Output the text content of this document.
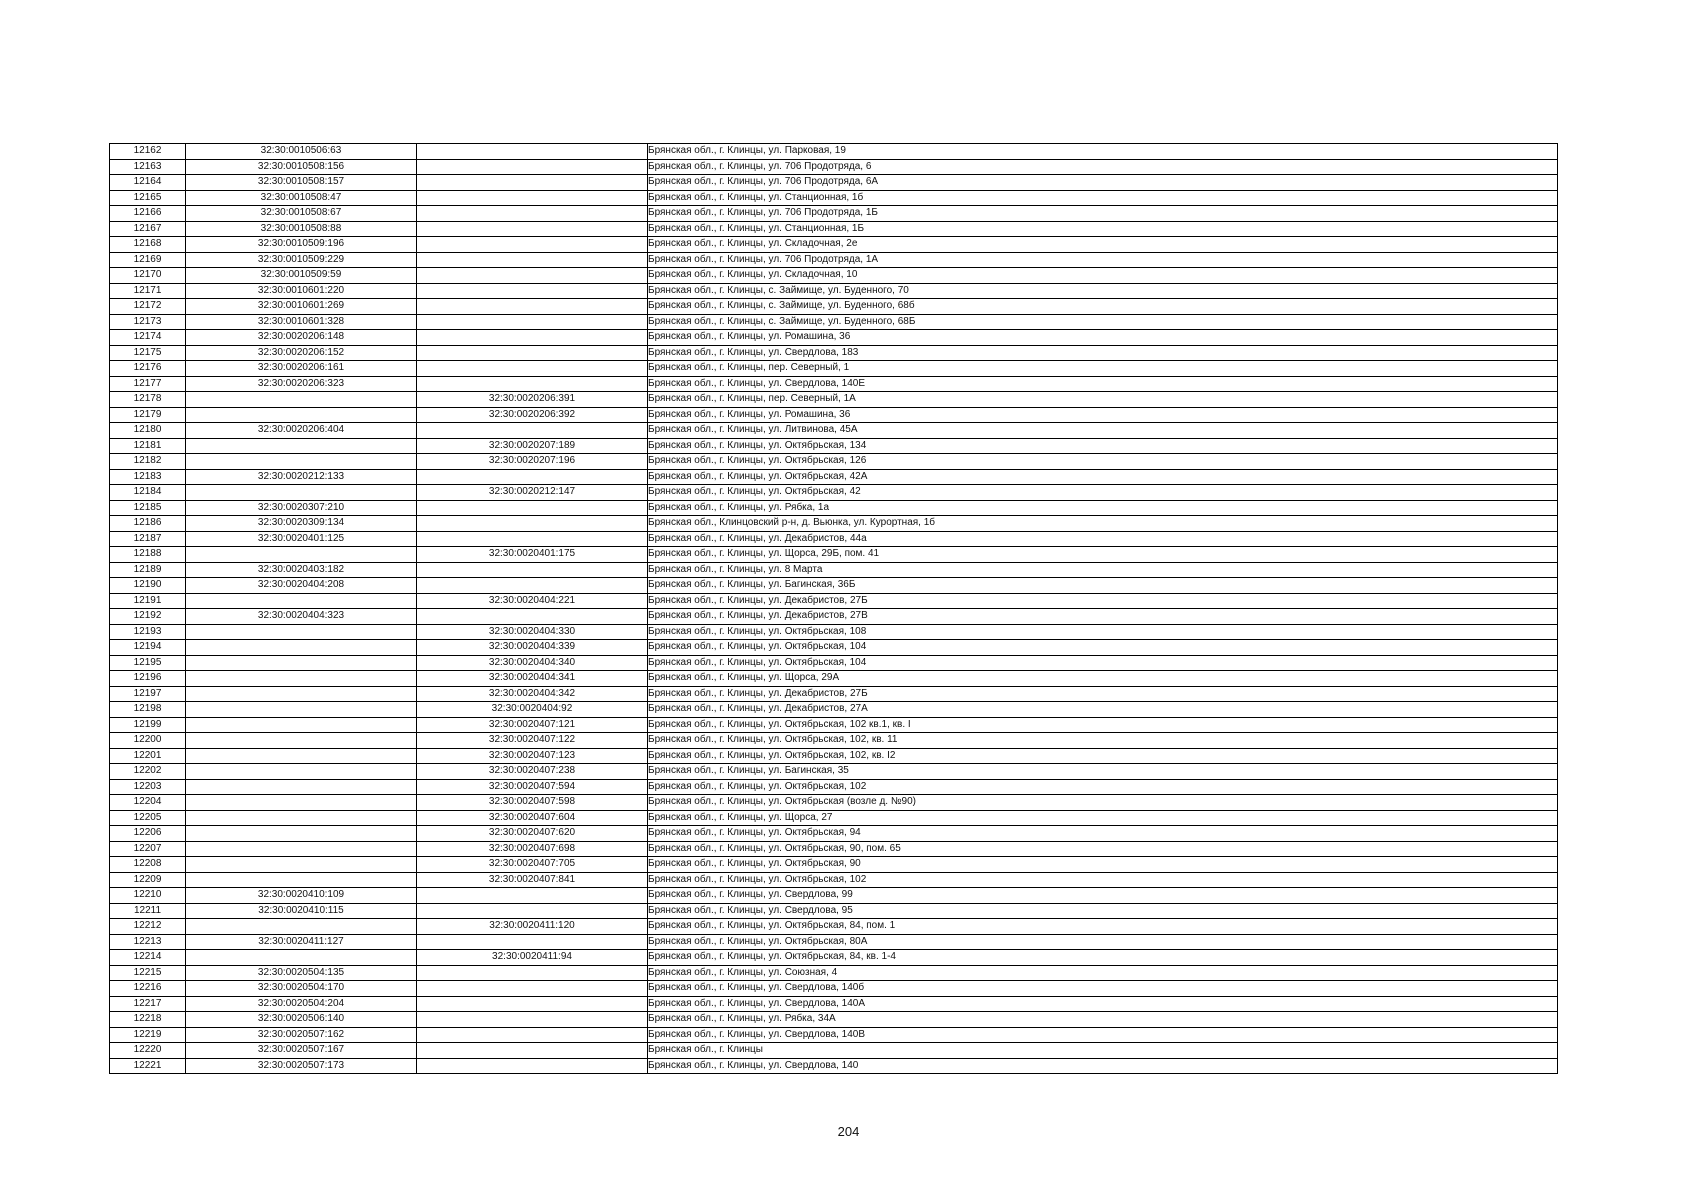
12162	32:30:0010506:63		Брянская обл., г. Клинцы, ул. Парковая, 19
12163	32:30:0010508:156		Брянская обл., г. Клинцы, ул. 706 Продотряда, 6
12164	32:30:0010508:157		Брянская обл., г. Клинцы, ул. 706 Продотряда, 6А
12165	32:30:0010508:47		Брянская обл., г. Клинцы, ул. Станционная, 1б
12166	32:30:0010508:67		Брянская обл., г. Клинцы, ул. 706 Продотряда, 1Б
12167	32:30:0010508:88		Брянская обл., г. Клинцы, ул. Станционная, 1Б
12168	32:30:0010509:196		Брянская обл., г. Клинцы, ул. Складочная, 2е
12169	32:30:0010509:229		Брянская обл., г. Клинцы, ул. 706 Продотряда, 1А
12170	32:30:0010509:59		Брянская обл., г. Клинцы, ул. Складочная, 10
12171	32:30:0010601:220		Брянская обл., г. Клинцы, с. Займище, ул. Буденного, 70
12172	32:30:0010601:269		Брянская обл., г. Клинцы, с. Займище, ул. Буденного, 68б
12173	32:30:0010601:328		Брянская обл., г. Клинцы, с. Займище, ул. Буденного, 68Б
12174	32:30:0020206:148		Брянская обл., г. Клинцы, ул. Ромашина, 36
12175	32:30:0020206:152		Брянская обл., г. Клинцы, ул. Свердлова, 183
12176	32:30:0020206:161		Брянская обл., г. Клинцы, пер. Северный, 1
12177	32:30:0020206:323		Брянская обл., г. Клинцы, ул. Свердлова, 140Е
12178		32:30:0020206:391	Брянская обл., г. Клинцы, пер. Северный, 1А
12179		32:30:0020206:392	Брянская обл., г. Клинцы, ул. Ромашина, 36
12180	32:30:0020206:404		Брянская обл., г. Клинцы, ул. Литвинова, 45А
12181		32:30:0020207:189	Брянская обл., г. Клинцы, ул. Октябрьская, 134
12182		32:30:0020207:196	Брянская обл., г. Клинцы, ул. Октябрьская, 126
12183	32:30:0020212:133		Брянская обл., г. Клинцы, ул. Октябрьская, 42А
12184		32:30:0020212:147	Брянская обл., г. Клинцы, ул. Октябрьская, 42
12185	32:30:0020307:210		Брянская обл., г. Клинцы, ул. Рябка, 1а
12186	32:30:0020309:134		Брянская обл., Клинцовский р-н, д. Вьюнка, ул. Курортная, 1б
12187	32:30:0020401:125		Брянская обл., г. Клинцы, ул. Декабристов, 44а
12188		32:30:0020401:175	Брянская обл., г. Клинцы, ул. Щорса, 29Б, пом. 41
12189	32:30:0020403:182		Брянская обл., г. Клинцы, ул. 8 Марта
12190	32:30:0020404:208		Брянская обл., г. Клинцы, ул. Багинская, 36Б
12191		32:30:0020404:221	Брянская обл., г. Клинцы, ул. Декабристов, 27Б
12192	32:30:0020404:323		Брянская обл., г. Клинцы, ул. Декабристов, 27В
12193		32:30:0020404:330	Брянская обл., г. Клинцы, ул. Октябрьская, 108
12194		32:30:0020404:339	Брянская обл., г. Клинцы, ул. Октябрьская, 104
12195		32:30:0020404:340	Брянская обл., г. Клинцы, ул. Октябрьская, 104
12196		32:30:0020404:341	Брянская обл., г. Клинцы, ул. Щорса, 29А
12197		32:30:0020404:342	Брянская обл., г. Клинцы, ул. Декабристов, 27Б
12198		32:30:0020404:92	Брянская обл., г. Клинцы, ул. Декабристов, 27А
12199		32:30:0020407:121	Брянская обл., г. Клинцы, ул. Октябрьская, 102 кв.1, кв. I
12200		32:30:0020407:122	Брянская обл., г. Клинцы, ул. Октябрьская, 102, кв. 11
12201		32:30:0020407:123	Брянская обл., г. Клинцы, ул. Октябрьская, 102, кв. I2
12202		32:30:0020407:238	Брянская обл., г. Клинцы, ул. Багинская, 35
12203		32:30:0020407:594	Брянская обл., г. Клинцы, ул. Октябрьская, 102
12204		32:30:0020407:598	Брянская обл., г. Клинцы, ул. Октябрьская (возле д. №90)
12205		32:30:0020407:604	Брянская обл., г. Клинцы, ул. Щорса, 27
12206		32:30:0020407:620	Брянская обл., г. Клинцы, ул. Октябрьская, 94
12207		32:30:0020407:698	Брянская обл., г. Клинцы, ул. Октябрьская, 90, пом. 65
12208		32:30:0020407:705	Брянская обл., г. Клинцы, ул. Октябрьская, 90
12209		32:30:0020407:841	Брянская обл., г. Клинцы, ул. Октябрьская, 102
12210	32:30:0020410:109		Брянская обл., г. Клинцы, ул. Свердлова, 99
12211	32:30:0020410:115		Брянская обл., г. Клинцы, ул. Свердлова, 95
12212		32:30:0020411:120	Брянская обл., г. Клинцы, ул. Октябрьская, 84, пом. 1
12213	32:30:0020411:127		Брянская обл., г. Клинцы, ул. Октябрьская, 80А
12214		32:30:0020411:94	Брянская обл., г. Клинцы, ул. Октябрьская, 84, кв. 1-4
12215	32:30:0020504:135		Брянская обл., г. Клинцы, ул. Союзная, 4
12216	32:30:0020504:170		Брянская обл., г. Клинцы, ул. Свердлова, 140б
12217	32:30:0020504:204		Брянская обл., г. Клинцы, ул. Свердлова, 140А
12218	32:30:0020506:140		Брянская обл., г. Клинцы, ул. Рябка, 34А
12219	32:30:0020507:162		Брянская обл., г. Клинцы, ул. Свердлова, 140В
12220	32:30:0020507:167		Брянская обл., г. Клинцы
12221	32:30:0020507:173		Брянская обл., г. Клинцы, ул. Свердлова, 140
204
